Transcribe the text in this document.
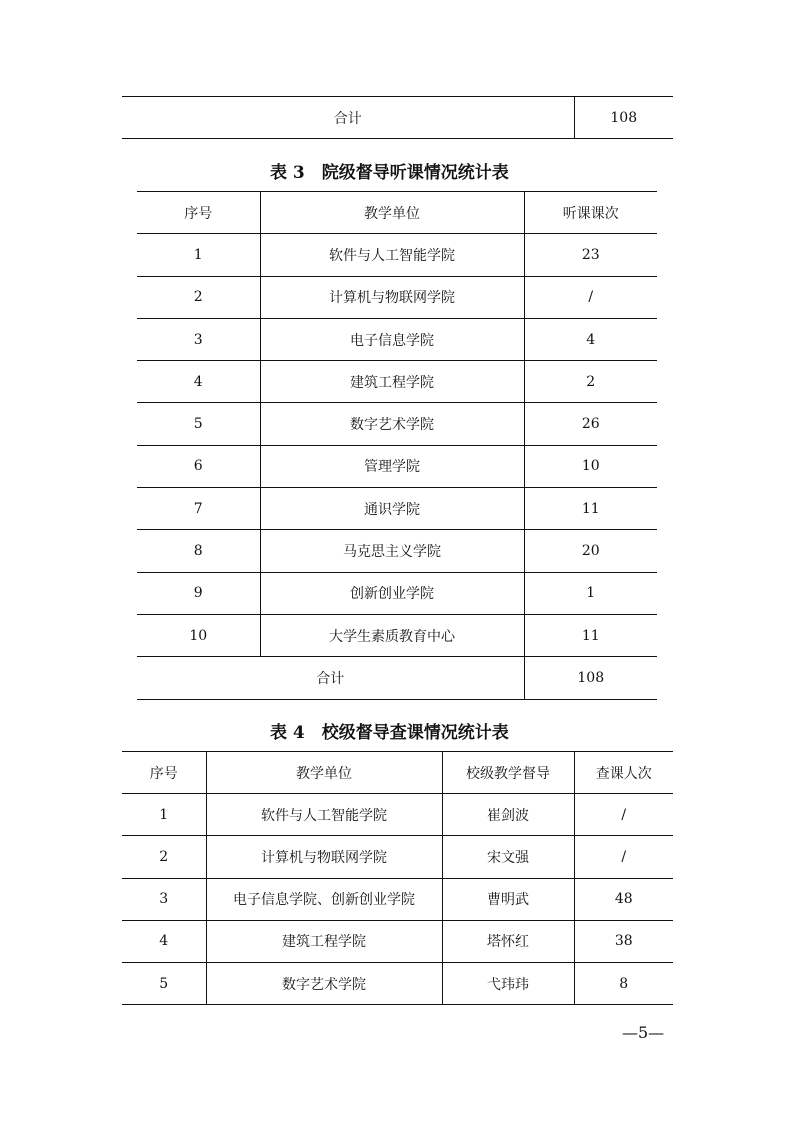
合计	108
表 3　院级督导听课情况统计表
序号	教学单位	听课课次
1	软件与人工智能学院	23
2	计算机与物联网学院	/
3	电子信息学院	4
4	建筑工程学院	2
5	数字艺术学院	26
6	管理学院	10
7	通识学院	11
8	马克思主义学院	20
9	创新创业学院	1
10	大学生素质教育中心	11
合计		108
表 4　校级督导查课情况统计表
序号	教学单位	校级教学督导	查课人次
1	软件与人工智能学院	崔剑波	/
2	计算机与物联网学院	宋文强	/
3	电子信息学院、创新创业学院	曹明武	48
4	建筑工程学院	塔怀红	38
5	数字艺术学院	弋玮玮	8
—5—
